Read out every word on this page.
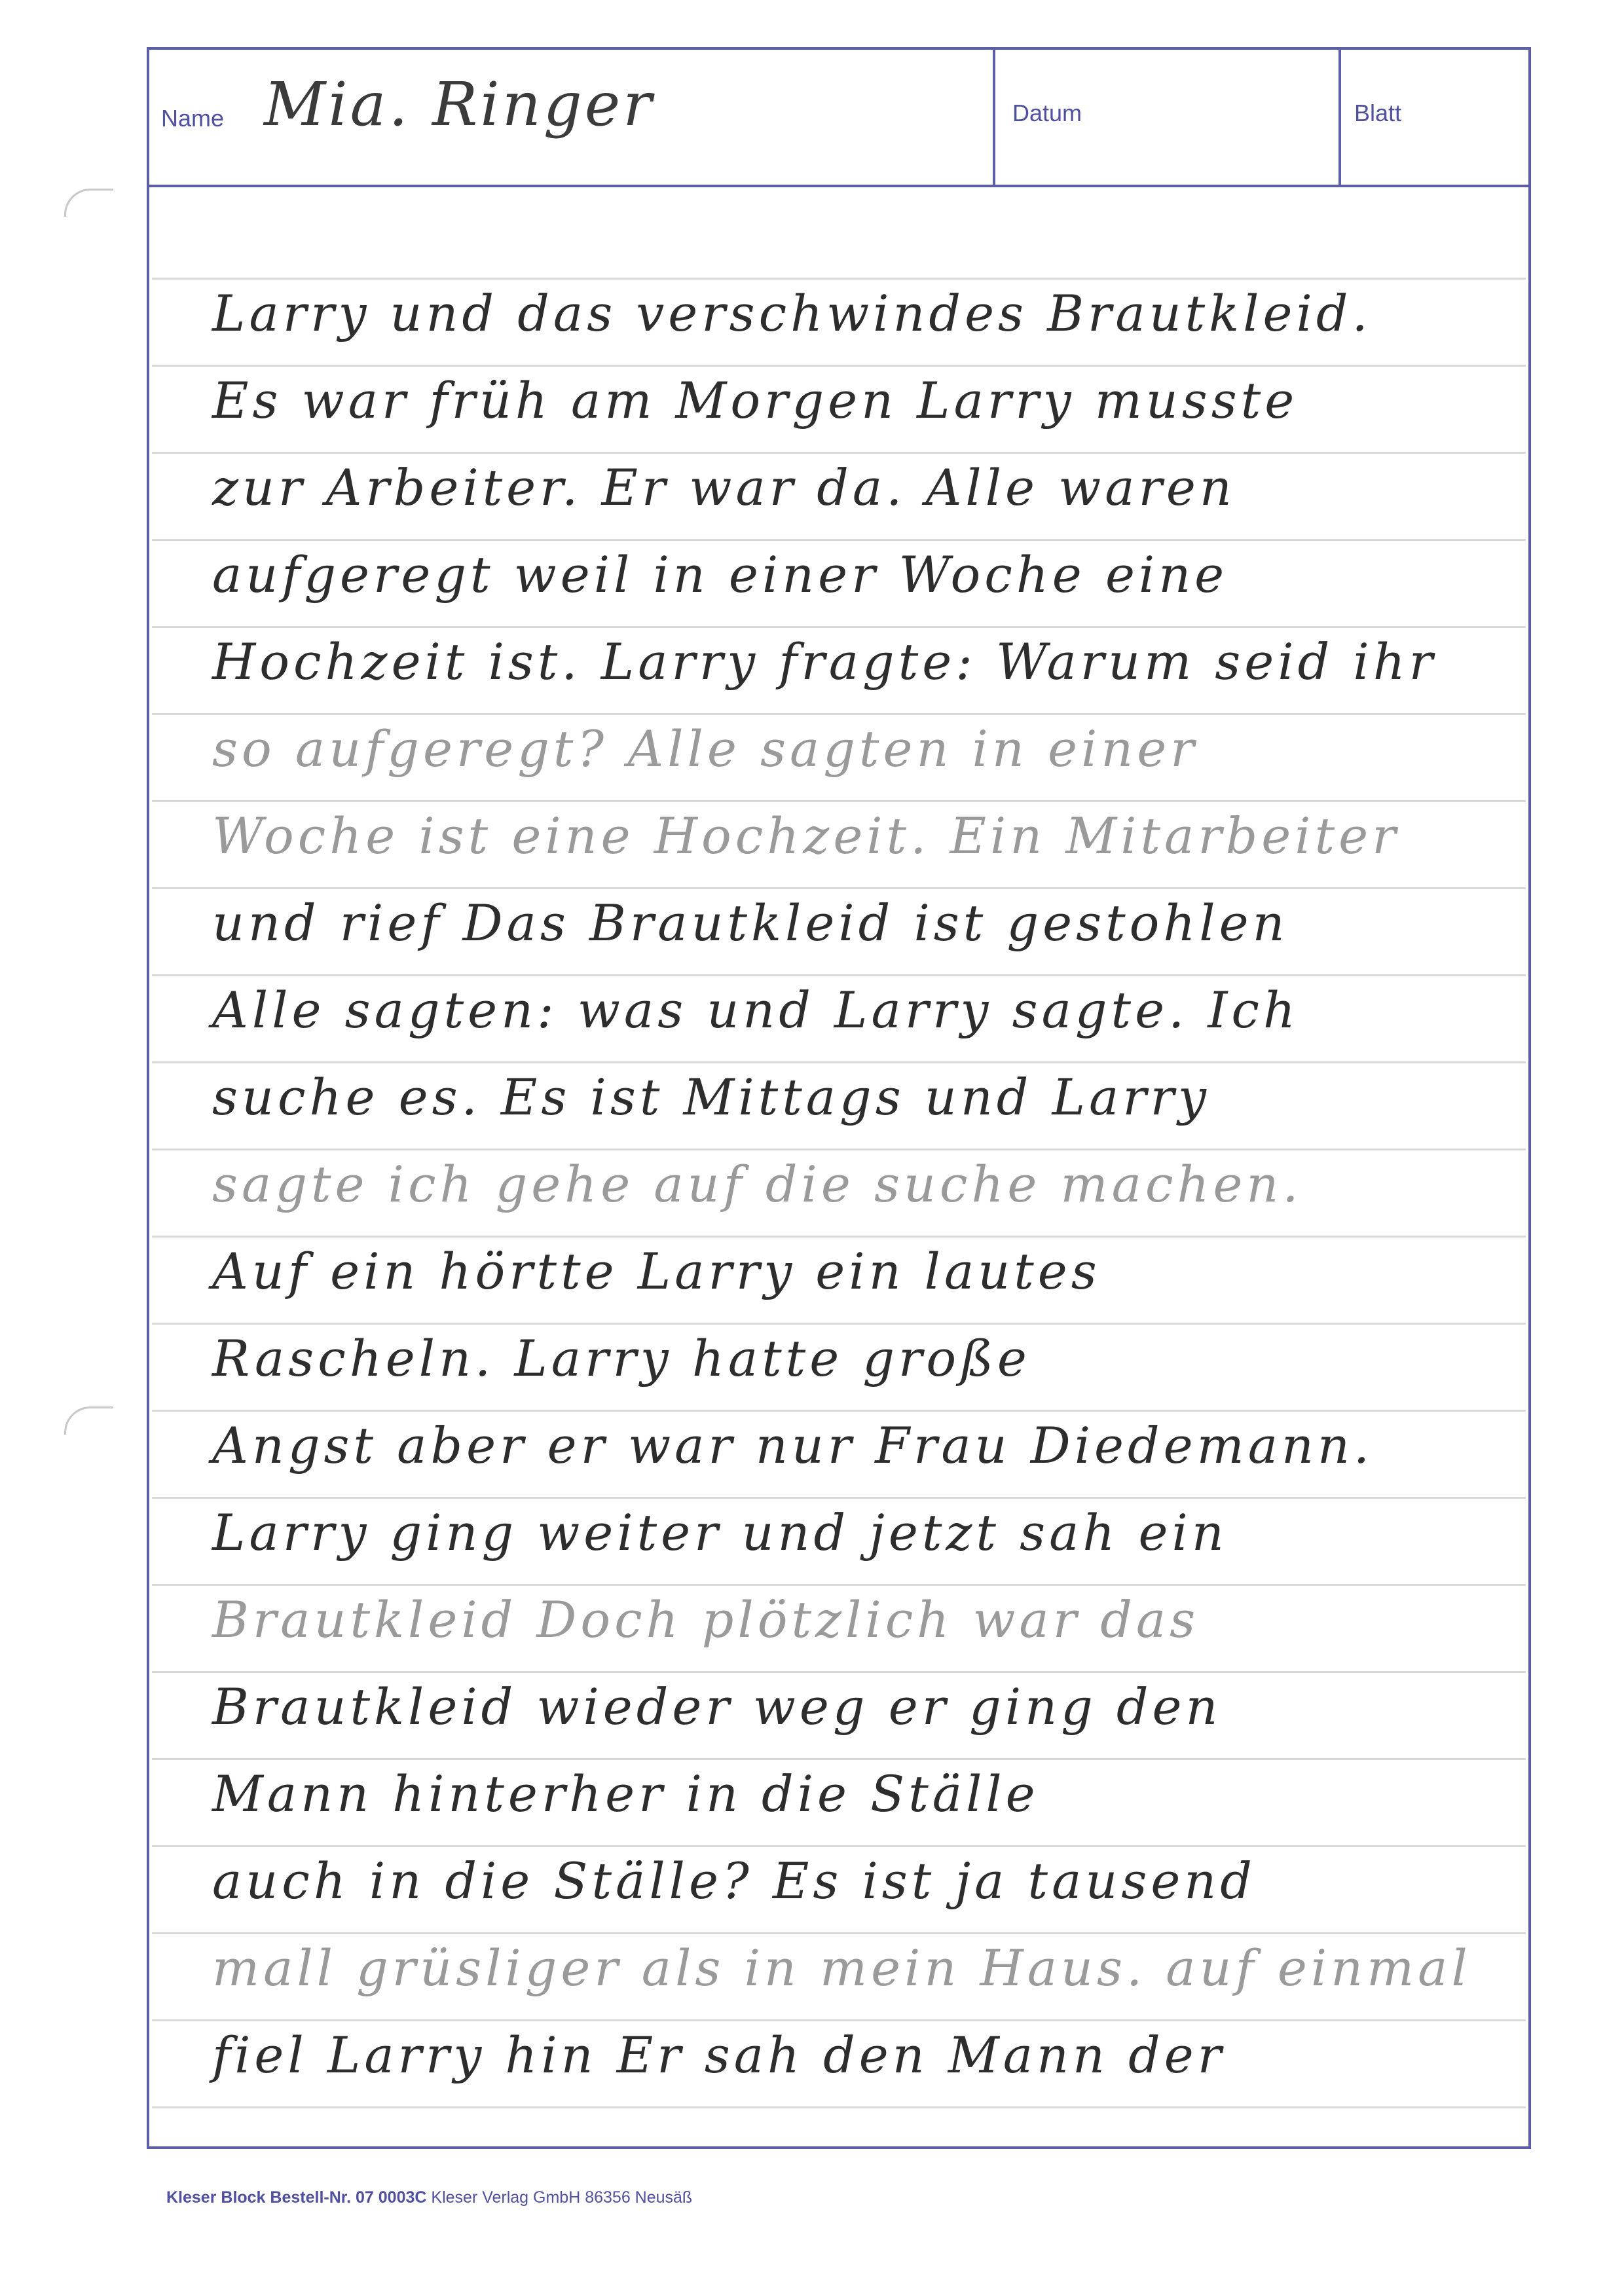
Name Mia. Ringer	Datum	Blatt
Larry und das verschwindes Brautkleid.
Es war früh am Morgen Larry musste
zur Arbeiter. Er war da. Alle waren
aufgeregt weil in einer Woche eine
Hochzeit ist. Larry fragte: Warum seid ihr
so aufgeregt? Alle sagten in einer
Woche ist eine Hochzeit. Ein Mitarbeiter
und rief Das Brautkleid ist gestohlen
Alle sagten: was und Larry sagte. Ich
suche es. Es ist Mittags und Larry
sagte ich gehe auf die suche machen.
Auf ein hörtte Larry ein lautes
Rascheln. Larry hatte große
Angst aber er war nur Frau Diedemann.
Larry ging weiter und jetzt sah ein
Brautkleid Doch plötzlich war das
Brautkleid wieder weg er ging den
Mann hinterher in die Ställe
auch in die Ställe? Es ist ja tausend
mall grüsliger als in mein Haus. auf einmal
fiel Larry hin Er sah den Mann der
Kleser Block Bestell-Nr. 07 0003C Kleser Verlag GmbH 86356 Neusäß
